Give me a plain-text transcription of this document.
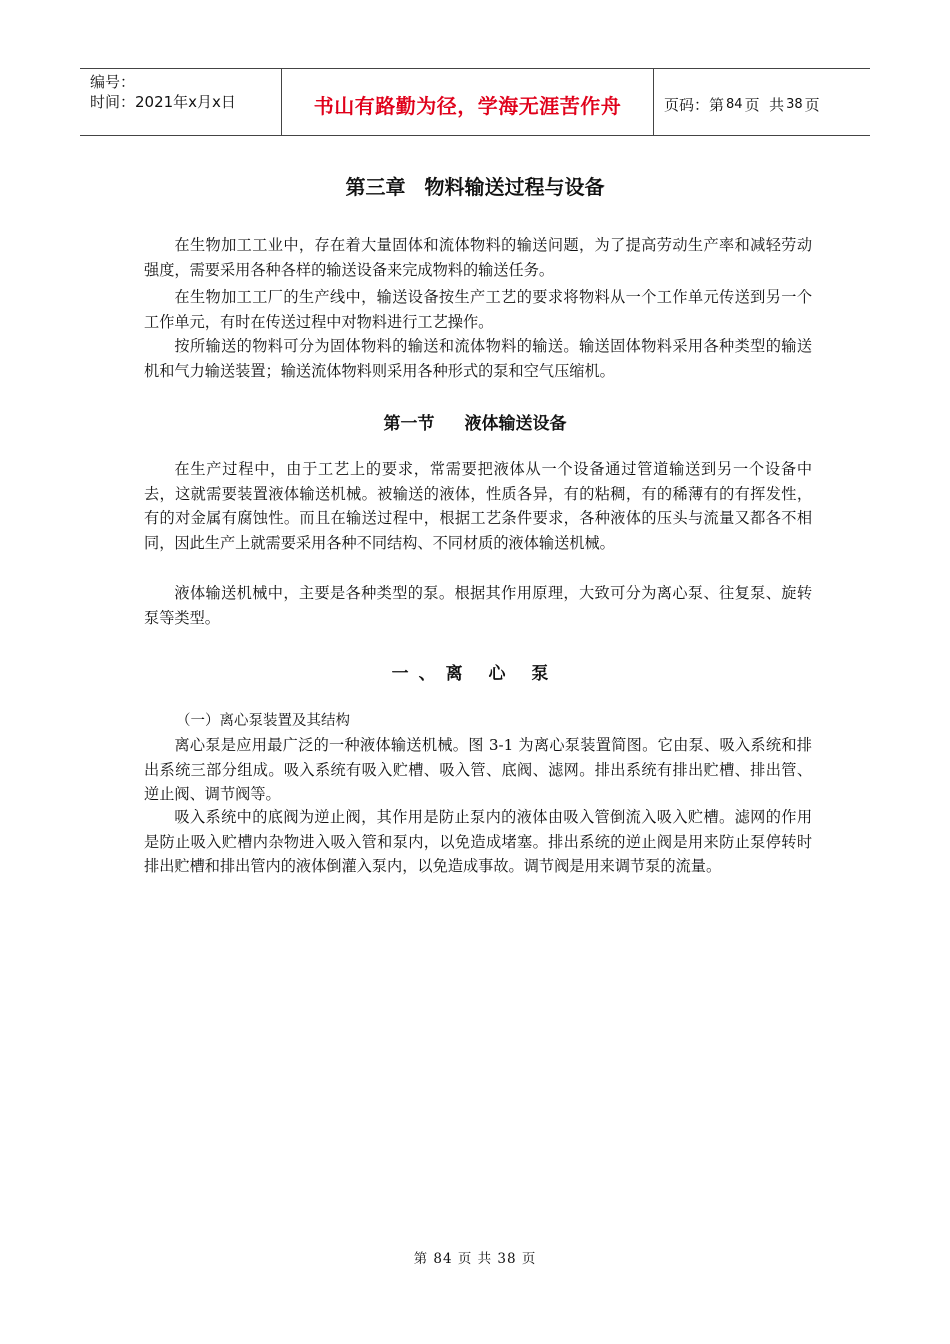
编号：
时间：2021年x月x日	书山有路勤为径，学海无涯苦作舟	页码：第 84 页  共 38 页
第三章 物料输送过程与设备

在生物加工工业中，存在着大量固体和流体物料的输送问题，为了提高劳动生产率和减轻劳动强度，需要采用各种各样的输送设备来完成物料的输送任务。

在生物加工工厂的生产线中，输送设备按生产工艺的要求将物料从一个工作单元传送到另一个工作单元，有时在传送过程中对物料进行工艺操作。

按所输送的物料可分为固体物料的输送和流体物料的输送。输送固体物料采用各种类型的输送机和气力输送装置；输送流体物料则采用各种形式的泵和空气压缩机。

第一节 液体输送设备

在生产过程中，由于工艺上的要求，常需要把液体从一个设备通过管道输送到另一个设备中去，这就需要装置液体输送机械。被输送的液体，性质各异，有的粘稠，有的稀薄有的有挥发性，有的对金属有腐蚀性。而且在输送过程中，根据工艺条件要求，各种液体的压头与流量又都各不相同，因此生产上就需要采用各种不同结构、不同材质的液体输送机械。

液体输送机械中，主要是各种类型的泵。根据其作用原理，大致可分为离心泵、往复泵、旋转泵等类型。

一、离 心 泵

（一）离心泵装置及其结构

离心泵是应用最广泛的一种液体输送机械。图 3-1 为离心泵装置简图。它由泵、吸入系统和排出系统三部分组成。吸入系统有吸入贮槽、吸入管、底阀、滤网。排出系统有排出贮槽、排出管、逆止阀、调节阀等。

吸入系统中的底阀为逆止阀，其作用是防止泵内的液体由吸入管倒流入吸入贮槽。滤网的作用是防止吸入贮槽内杂物进入吸入管和泵内，以免造成堵塞。排出系统的逆止阀是用来防止泵停转时排出贮槽和排出管内的液体倒灌入泵内，以免造成事故。调节阀是用来调节泵的流量。

第 84 页 共 38 页
